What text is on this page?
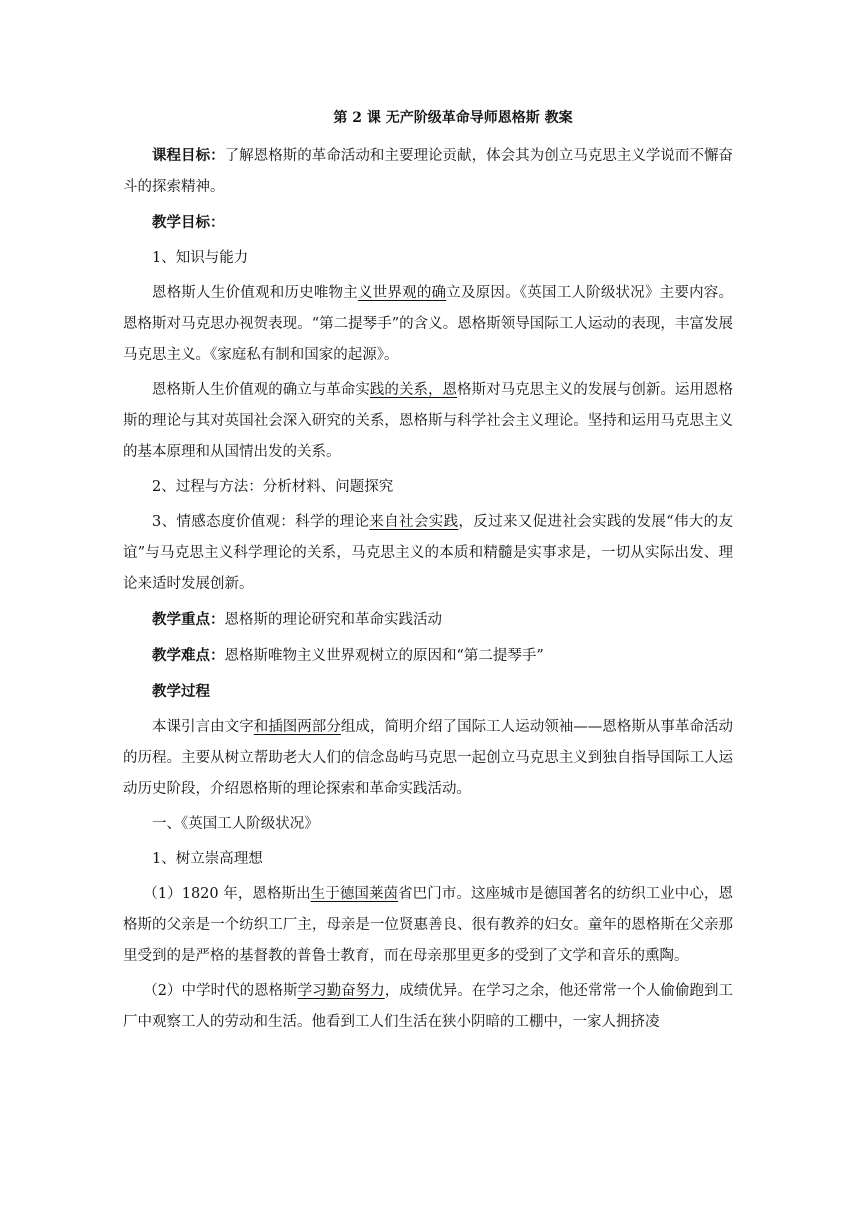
第 2 课 无产阶级革命导师恩格斯 教案

课程目标：了解恩格斯的革命活动和主要理论贡献，体会其为创立马克思主义学说而不懈奋斗的探索精神。

教学目标：

1、知识与能力

恩格斯人生价值观和历史唯物主义世界观的确立及原因。《英国工人阶级状况》主要内容。恩格斯对马克思办视贺表现。“第二提琴手”的含义。恩格斯领导国际工人运动的表现，丰富发展马克思主义。《家庭私有制和国家的起源》。

恩格斯人生价值观的确立与革命实践的关系，恩格斯对马克思主义的发展与创新。运用恩格斯的理论与其对英国社会深入研究的关系，恩格斯与科学社会主义理论。坚持和运用马克思主义的基本原理和从国情出发的关系。

2、过程与方法：分析材料、问题探究

3、情感态度价值观：科学的理论来自社会实践，反过来又促进社会实践的发展“伟大的友谊”与马克思主义科学理论的关系，马克思主义的本质和精髓是实事求是，一切从实际出发、理论来适时发展创新。

教学重点：恩格斯的理论研究和革命实践活动

教学难点：恩格斯唯物主义世界观树立的原因和“第二提琴手”

教学过程

本课引言由文字和插图两部分组成，简明介绍了国际工人运动领袖——恩格斯从事革命活动的历程。主要从树立帮助老大人们的信念岛屿马克思一起创立马克思主义到独自指导国际工人运动历史阶段，介绍恩格斯的理论探索和革命实践活动。

一、《英国工人阶级状况》

1、树立崇高理想

（1）1820 年，恩格斯出生于德国莱茵省巴门市。这座城市是德国著名的纺织工业中心，恩格斯的父亲是一个纺织工厂主，母亲是一位贤惠善良、很有教养的妇女。童年的恩格斯在父亲那里受到的是严格的基督教的普鲁士教育，而在母亲那里更多的受到了文学和音乐的熏陶。

（2）中学时代的恩格斯学习勤奋努力，成绩优异。在学习之余，他还常常一个人偷偷跑到工厂中观察工人的劳动和生活。他看到工人们生活在狭小阴暗的工棚中，一家人拥挤凌
